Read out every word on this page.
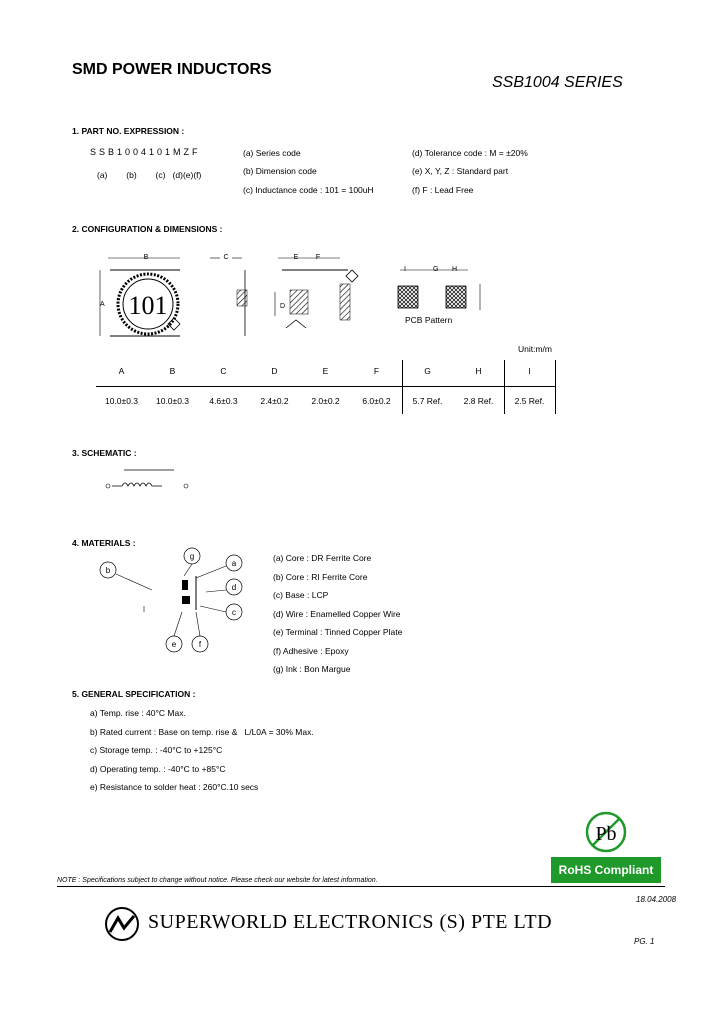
SMD POWER INDUCTORS
SSB1004 SERIES
1. PART NO. EXPRESSION :
SSB1004101MZF
(a)        (b)        (c)   (d)(e)(f)
(a) Series code
(b) Dimension code
(c) Inductance code : 101 = 100uH
(d) Tolerance code : M = ±20%
(e) X, Y, Z : Standard part
(f) F : Lead Free
2. CONFIGURATION & DIMENSIONS :
B
A 101
C	E	F
D
I	G H
PCB Pattern
Unit:m/m
A	B	C	D	E	F	G	H	I
10.0±0.3	10.0±0.3	4.6±0.3	2.4±0.2	2.0±0.2	6.0±0.2	5.7 Ref.	2.8 Ref.	2.5 Ref.
3. SCHEMATIC :
4. MATERIALS :
g
a
b
d
c
e	f
(a) Core : DR Ferrite Core
(b) Core : RI Ferrite Core
(c) Base : LCP
(d) Wire : Enamelled Copper Wire
(e) Terminal : Tinned Copper Plate
(f) Adhesive : Epoxy
(g) Ink : Bon Margue
5. GENERAL SPECIFICATION :
a) Temp. rise : 40°C Max.
b) Rated current : Base on temp. rise &   L/L0A = 30% Max.
c) Storage temp. : -40°C to +125°C
d) Operating temp. : -40°C to +85°C
e) Resistance to solder heat : 260°C.10 secs
Pb
RoHS Compliant
NOTE : Specifications subject to change without notice. Please check our website for latest information.
18.04.2008
SUPERWORLD ELECTRONICS (S) PTE LTD
PG. 1
